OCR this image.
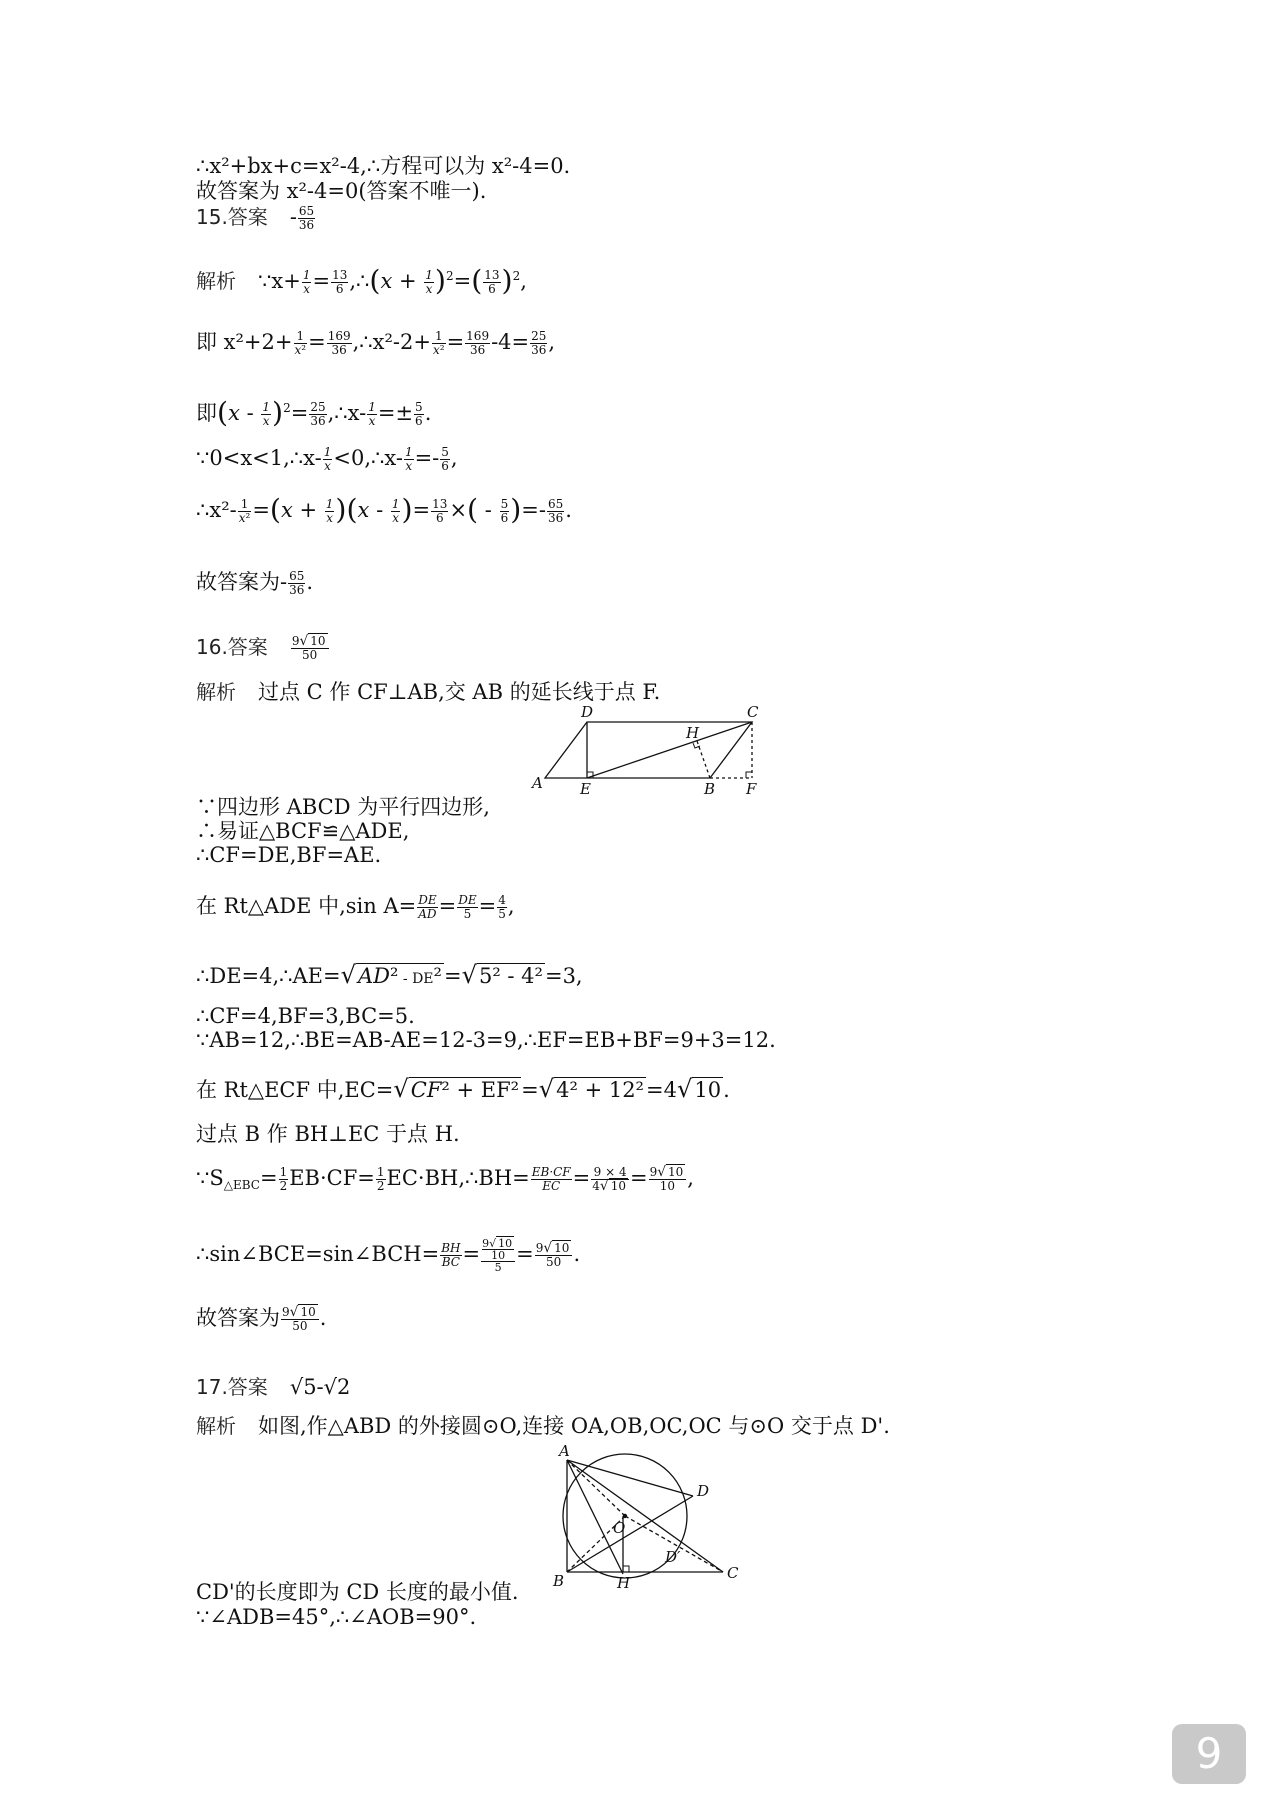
∴x²+bx+c=x²-4,∴方程可以为 x²-4=0.
故答案为 x²-4=0(答案不唯一).
15.答案 - $\frac{65}{36}$
解析 ∵x+ $\frac{1}{x} = \frac{13}{6}$ ,∴(x + $\frac{1}{x} )^2=( \frac{13}{6} )^2$,
即 $x^2+2+ \frac{1}{\text{x²}} = \frac{169}{36}$ ,∴x²-2+ $\frac{1}{\text{x²}} = \frac{169}{36} -4= \frac{25}{36}$ ,
即$(x - \frac{1}{x} )^2= \frac{25}{36}$ ,∴x- $\frac{1}{x} =\pm \frac{5}{6}$ .
∵0<x<1,∴x- $\frac{1}{x}$ <0,∴x- $\frac{1}{x} =- \frac{5}{6}$ ,
∴x²- $\frac{1}{\text{x²}} =(x + \frac{1}{x} )(x - \frac{1}{x}$ )= $\frac{13}{6}$ ×( - $\frac{5}{6}$ )=- $\frac{65}{36}$ .
故答案为- $\frac{65}{36}$ .
16.答案 $\frac{9√ 10}{50}$
解析 过点 C 作 CF⊥AB,交 AB 的延长线于点 F.
D	C
H
A E	B F
∵四边形 ABCD 为平行四边形,
∴易证△BCF≌△ADE,
∴CF=DE,BF=AE.
在 Rt△ADE 中,sin $A= \frac{DE}{AD} = \frac{DE}{5} = \frac{4}{5}$ ,
∴DE=4,∴AE=√AD² - DE²=√5² - 4²=3,
∴CF=4,BF=3,BC=5.
∵AB=12,∴BE=AB-AE=12-3=9,∴EF=EB+BF=9+3=12.
在 Rt△ECF 中,EC=√CF² + EF²=√4² + 12²=4√10.
过点 B 作 BH⊥EC 于点 H.
$\because S_{\triangle EBC}= \frac{1}{2} EB\cdot CF= \frac{1}{2}$ EC·BH,∴BH= $\frac{EB\cdot CF}{EC} = \frac{9 \times 4}{4√ 10} = \frac{9√ 10}{10}$ ,
∴sin∠BCE=sin∠BCH= $\frac{BH}{BC} = 9√$ 10
10
5
= $\frac{9√ 10}{50}$ .
故答案为 $\frac{9√ 10}{50}$ .
17.答案 √5-√2
解析 如图,作△ABD 的外接圆⊙O,连接 OA,OB,OC,OC 与⊙O 交于点 D'.
A
D
O
D′
C
B	H
CD'的长度即为 CD 长度的最小值.
∵∠ADB=45°,∴∠AOB=90°.
9
